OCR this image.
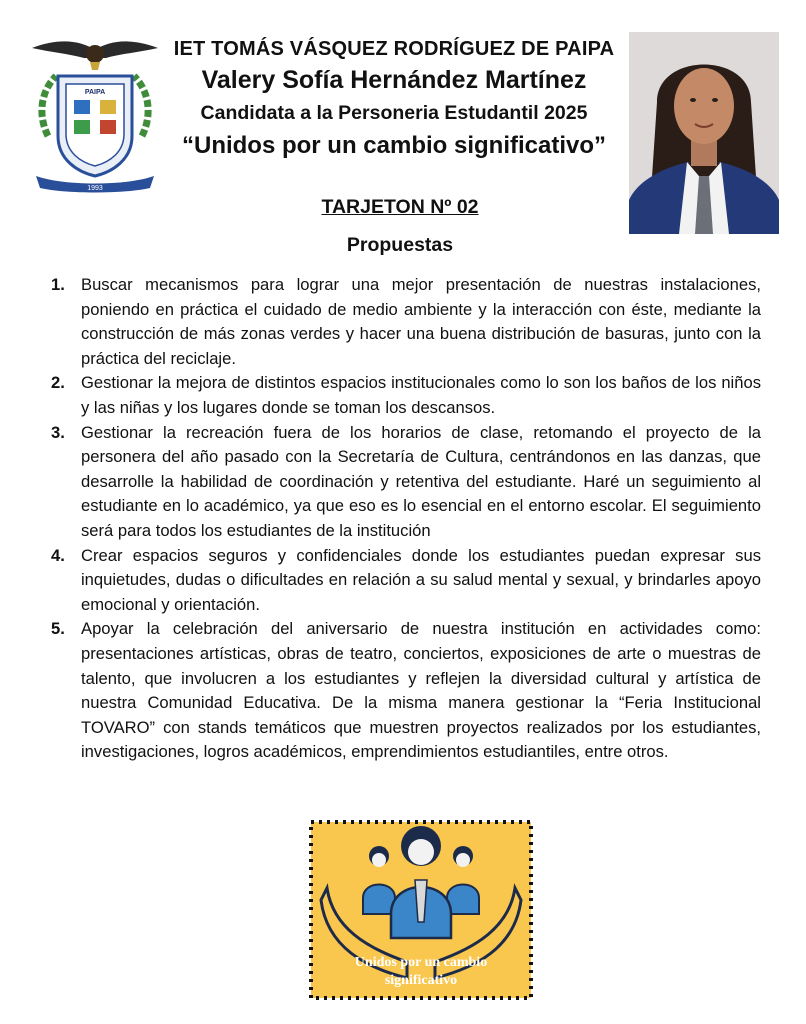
PAIPA
1993
IET TOMÁS VÁSQUEZ RODRÍGUEZ DE PAIPA
Valery Sofía Hernández Martínez
Candidata a la Personeria Estudantil 2025
“Unidos por un cambio significativo”
TARJETON Nº 02
Propuestas
1. Buscar mecanismos para lograr una mejor presentación de nuestras instalaciones, poniendo en práctica el cuidado de medio ambiente y la interacción con éste, mediante la construcción de más zonas verdes y hacer una buena distribución de basuras, junto con la práctica del reciclaje.
2. Gestionar la mejora de distintos espacios institucionales como lo son los baños de los niños y las niñas y los lugares donde se toman los descansos.
3. Gestionar la recreación fuera de los horarios de clase, retomando el proyecto de la personera del año pasado con la Secretaría de Cultura, centrándonos en las danzas, que desarrolle la habilidad de coordinación y retentiva del estudiante. Haré un seguimiento al estudiante en lo académico, ya que eso es lo esencial en el entorno escolar. El seguimiento será para todos los estudiantes de la institución
4. Crear espacios seguros y confidenciales donde los estudiantes puedan expresar sus inquietudes, dudas o dificultades en relación a su salud mental y sexual, y brindarles apoyo emocional y orientación.
5. Apoyar la celebración del aniversario de nuestra institución en actividades como: presentaciones artísticas, obras de teatro, conciertos, exposiciones de arte o muestras de talento, que involucren a los estudiantes y reflejen la diversidad cultural y artística de nuestra Comunidad Educativa. De la misma manera gestionar la “Feria Institucional TOVARO” con stands temáticos que muestren proyectos realizados por los estudiantes, investigaciones, logros académicos, emprendimientos estudiantiles, entre otros.
Unidos por un cambio
significativo
